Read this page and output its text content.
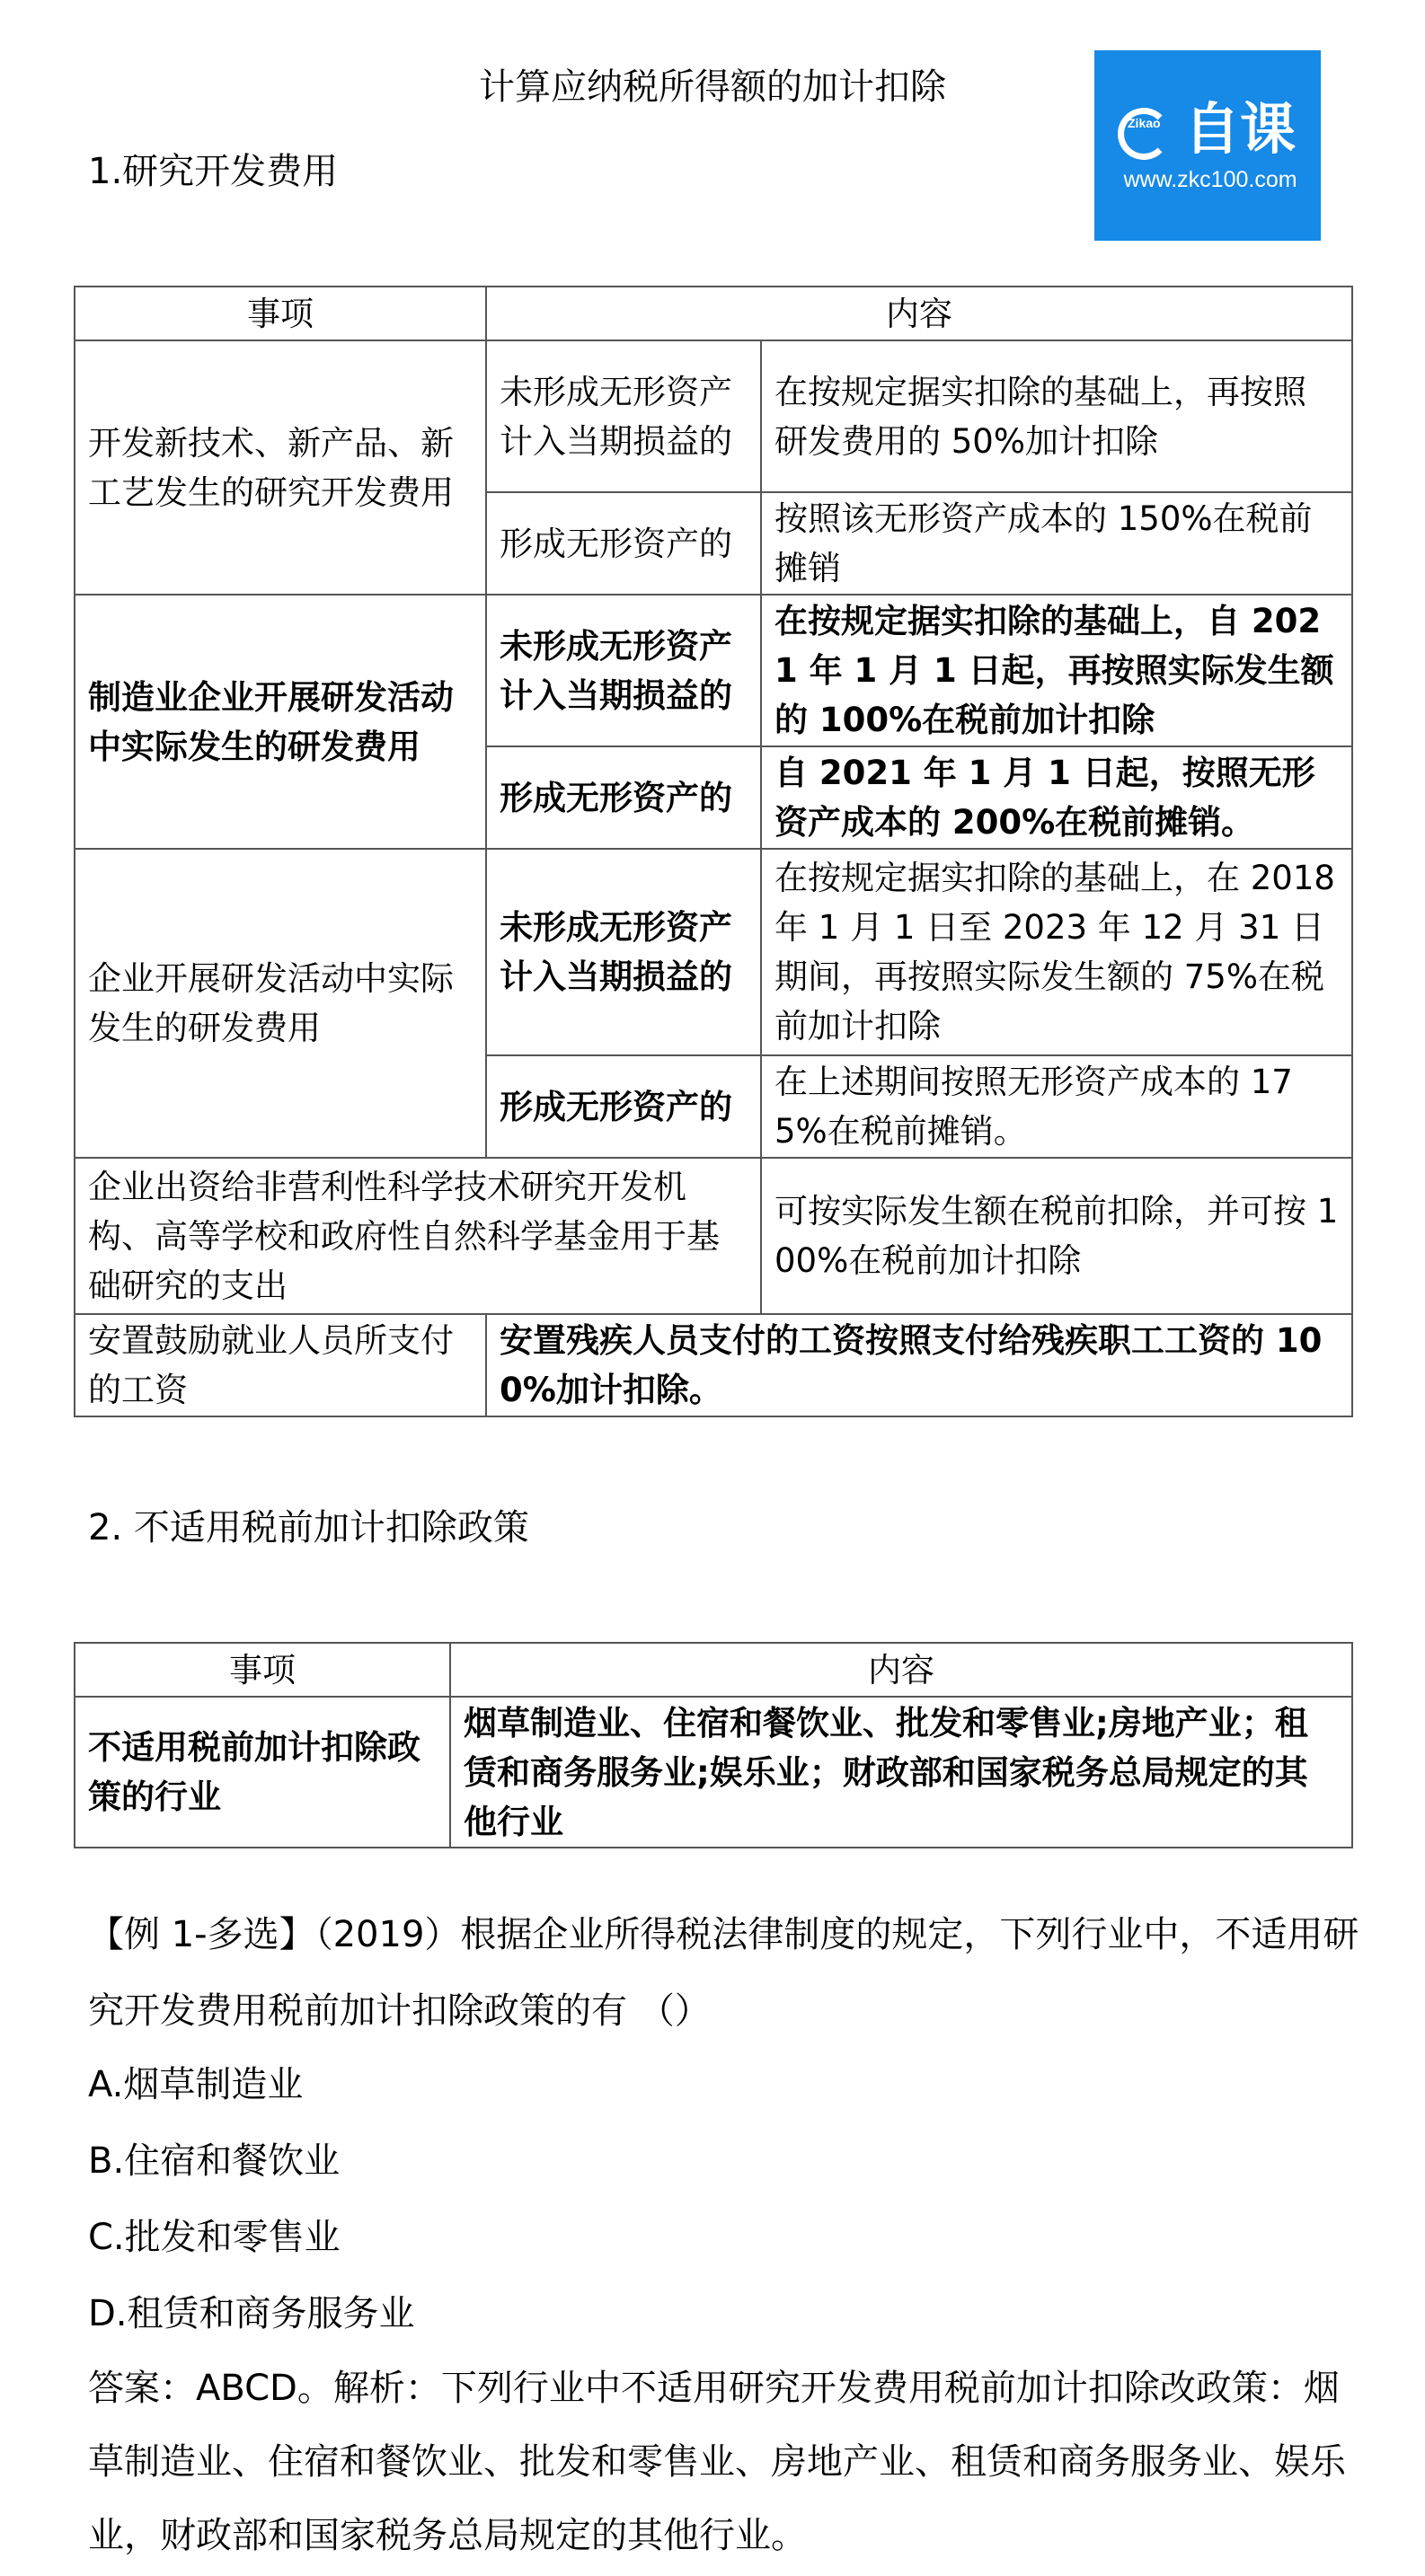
计算应纳税所得额的加计扣除
Zikao 自课
www.zkc100.com
1.研究开发费用
事项	内容	
开发新技术、新产品、新工艺发生的研究开发费用	未形成无形资产计入当期损益的	在按规定据实扣除的基础上，再按照研发费用的 50%加计扣除
	形成无形资产的	按照该无形资产成本的 150%在税前摊销
制造业企业开展研发活动中实际发生的研发费用	未形成无形资产计入当期损益的	在按规定据实扣除的基础上，自 2021 年 1 月 1 日起，再按照实际发生额的 100%在税前加计扣除
	形成无形资产的	自 2021 年 1 月 1 日起，按照无形资产成本的 200%在税前摊销。
企业开展研发活动中实际发生的研发费用	未形成无形资产计入当期损益的	在按规定据实扣除的基础上，在 2018 年 1 月 1 日至 2023 年 12 月 31 日期间，再按照实际发生额的 75%在税前加计扣除
	形成无形资产的	在上述期间按照无形资产成本的 175%在税前摊销。
企业出资给非营利性科学技术研究开发机构、高等学校和政府性自然科学基金用于基础研究的支出		可按实际发生额在税前扣除，并可按 100%在税前加计扣除
安置鼓励就业人员所支付的工资	安置残疾人员支付的工资按照支付给残疾职工工资的 100%加计扣除。	
2. 不适用税前加计扣除政策
事项	内容
不适用税前加计扣除政策的行业	烟草制造业、住宿和餐饮业、批发和零售业;房地产业；租赁和商务服务业;娱乐业；财政部和国家税务总局规定的其他行业
【例 1-多选】（2019）根据企业所得税法律制度的规定，下列行业中，不适用研究开发费用税前加计扣除政策的有 （）
A.烟草制造业
B.住宿和餐饮业
C.批发和零售业
D.租赁和商务服务业
答案：ABCD。解析：下列行业中不适用研究开发费用税前加计扣除改政策：烟草制造业、住宿和餐饮业、批发和零售业、房地产业、租赁和商务服务业、娱乐业，财政部和国家税务总局规定的其他行业。
